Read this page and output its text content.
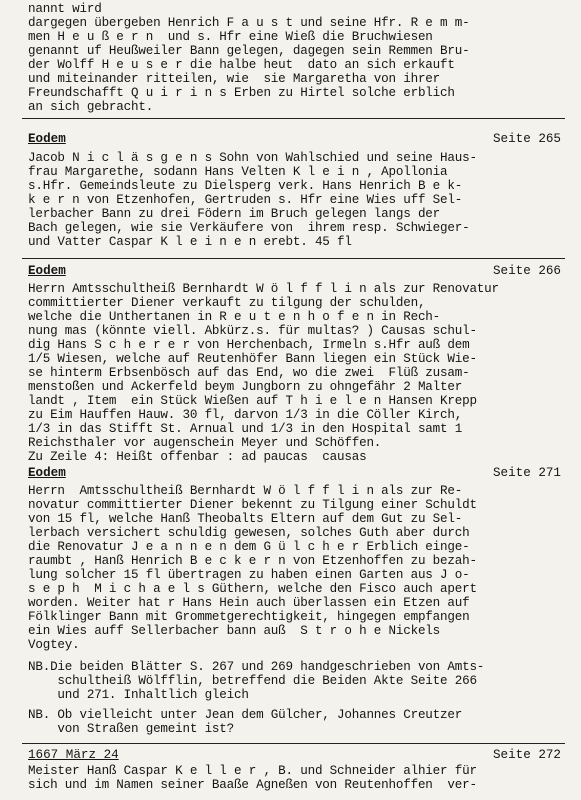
nannt wird
dargegen übergeben Henrich F a u s t und seine Hfr. R e m m-
men H e u ß e r n  und s. Hfr eine Wieß die Bruchwiesen
genannt uf Heußweiler Bann gelegen, dagegen sein Remmen Bru-
der Wolff H e u s e r die halbe heut  dato an sich erkauft
und miteinander ritteilen, wie  sie Margaretha von ihrer
Freundschafft Q u i r i n s Erben zu Hirtel solche erblich
an sich gebracht.
Eodem	Seite 265
Jacob N i c l ä s g e n s Sohn von Wahlschied und seine Haus-
frau Margarethe, sodann Hans Velten K l e i n , Apollonia
s.Hfr. Gemeindsleute zu Dielsperg verk. Hans Henrich B e k-
k e r n von Etzenhofen, Gertruden s. Hfr eine Wies uff Sel-
lerbacher Bann zu drei Födern im Bruch gelegen langs der
Bach gelegen, wie sie Verkäufere von  ihrem resp. Schwieger-
und Vatter Caspar K l e i n e n erebt. 45 fl
Eodem	Seite 266
Herrn Amtsschultheiß Bernhardt W ö l f f l i n als zur Renovatur
committierter Diener verkauft zu tilgung der schulden,
welche die Unthertanen in R e u t e n h o f e n in Rech-
nung mas (könnte viell. Abkürz.s. für multas? ) Causas schul-
dig Hans S c h e r e r von Herchenbach, Irmeln s.Hfr auß dem
1/5 Wiesen, welche auf Reutenhöfer Bann liegen ein Stück Wie-
se hinterm Erbsenbösch auf das End, wo die zwei  Flüß zusam-
menstoßen und Ackerfeld beym Jungborn zu ohngefähr 2 Malter
landt , Item  ein Stück Wießen auf T h i e l e n Hansen Krepp
zu Eim Hauffen Hauw. 30 fl, darvon 1/3 in die Cöller Kirch,
1/3 in das Stifft St. Arnual und 1/3 in den Hospital samt 1
Reichsthaler vor augenschein Meyer und Schöffen.
Zu Zeile 4: Heißt offenbar : ad paucas  causas
Eodem	Seite 271
Herrn  Amtsschultheiß Bernhardt W ö l f f l i n als zur Re-
novatur committierter Diener bekennt zu Tilgung einer Schuldt
von 15 fl, welche Hanß Theobalts Eltern auf dem Gut zu Sel-
lerbach versichert schuldig gewesen, solches Guth aber durch
die Renovatur J e a n n e n dem G ü l c h e r Erblich einge-
raumbt , Hanß Henrich B e c k e r n von Etzenhoffen zu bezah-
lung solcher 15 fl übertragen zu haben einen Garten aus J o-
s e p h  M i c h a e l s Güthern, welche den Fisco auch apert
worden. Weiter hat r Hans Hein auch überlassen ein Etzen auf
Fölklinger Bann mit Grommetgerechtigkeit, hingegen empfangen
ein Wies auff Sellerbacher bann auß  S t r o h e Nickels
Vogtey.
NB.Die beiden Blätter S. 267 und 269 handgeschrieben von Amts-
schultheiß Wölfflin, betreffend die Beiden Akte Seite 266
und 271. Inhaltlich gleich
NB. Ob vielleicht unter Jean dem Gülcher, Johannes Creutzer
von Straßen gemeint ist?
1667 März 24	Seite 272
Meister Hanß Caspar K e l l e r , B. und Schneider alhier für
sich und im Namen seiner Baaße Agneßen von Reutenhoffen  ver-
